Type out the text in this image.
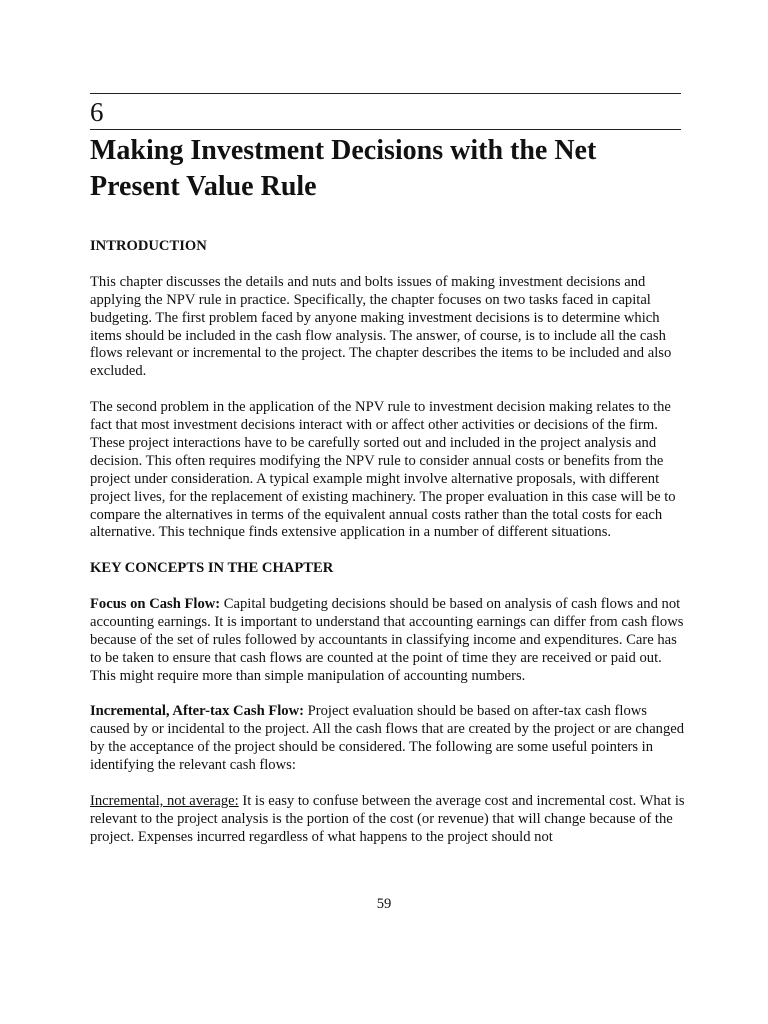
6
Making Investment Decisions with the Net Present Value Rule
INTRODUCTION

This chapter discusses the details and nuts and bolts issues of making investment decisions and applying the NPV rule in practice. Specifically, the chapter focuses on two tasks faced in capital budgeting. The first problem faced by anyone making investment decisions is to determine which items should be included in the cash flow analysis. The answer, of course, is to include all the cash flows relevant or incremental to the project. The chapter describes the items to be included and also excluded.

The second problem in the application of the NPV rule to investment decision making relates to the fact that most investment decisions interact with or affect other activities or decisions of the firm. These project interactions have to be carefully sorted out and included in the project analysis and decision. This often requires modifying the NPV rule to consider annual costs or benefits from the project under consideration. A typical example might involve alternative proposals, with different project lives, for the replacement of existing machinery. The proper evaluation in this case will be to compare the alternatives in terms of the equivalent annual costs rather than the total costs for each alternative. This technique finds extensive application in a number of different situations.

KEY CONCEPTS IN THE CHAPTER

Focus on Cash Flow: Capital budgeting decisions should be based on analysis of cash flows and not accounting earnings. It is important to understand that accounting earnings can differ from cash flows because of the set of rules followed by accountants in classifying income and expenditures. Care has to be taken to ensure that cash flows are counted at the point of time they are received or paid out. This might require more than simple manipulation of accounting numbers.

Incremental, After-tax Cash Flow: Project evaluation should be based on after-tax cash flows caused by or incidental to the project. All the cash flows that are created by the project or are changed by the acceptance of the project should be considered. The following are some useful pointers in identifying the relevant cash flows:

Incremental, not average: It is easy to confuse between the average cost and incremental cost. What is relevant to the project analysis is the portion of the cost (or revenue) that will change because of the project. Expenses incurred regardless of what happens to the project should not

59
